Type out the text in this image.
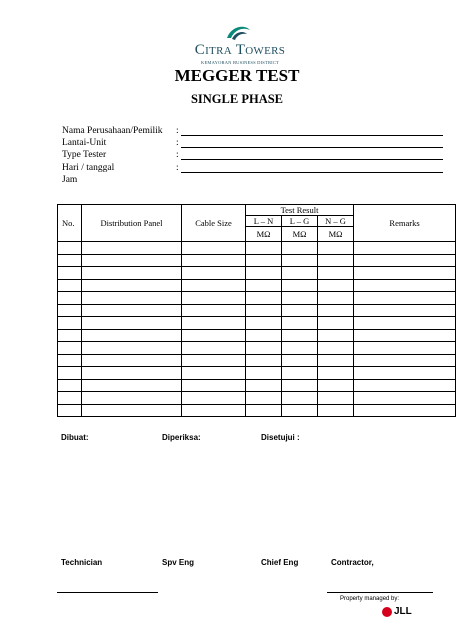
Citra Towers
KEMAYORAN BUSINESS DISTRICT
MEGGER TEST
SINGLE PHASE
Nama Perusahaan/Pemilik :
Lantai-Unit	:
Type Tester	:
Hari / tanggal	:
Jam
No.	Distribution Panel	Cable Size	Test Result			Remarks
			L – N	L – G	N – G	
			MΩ	MΩ	MΩ	

Dibuat:	Diperiksa:	Disetujui :
Technician	Spv Eng	Chief Eng	Contractor,
Property managed by:
JLL
